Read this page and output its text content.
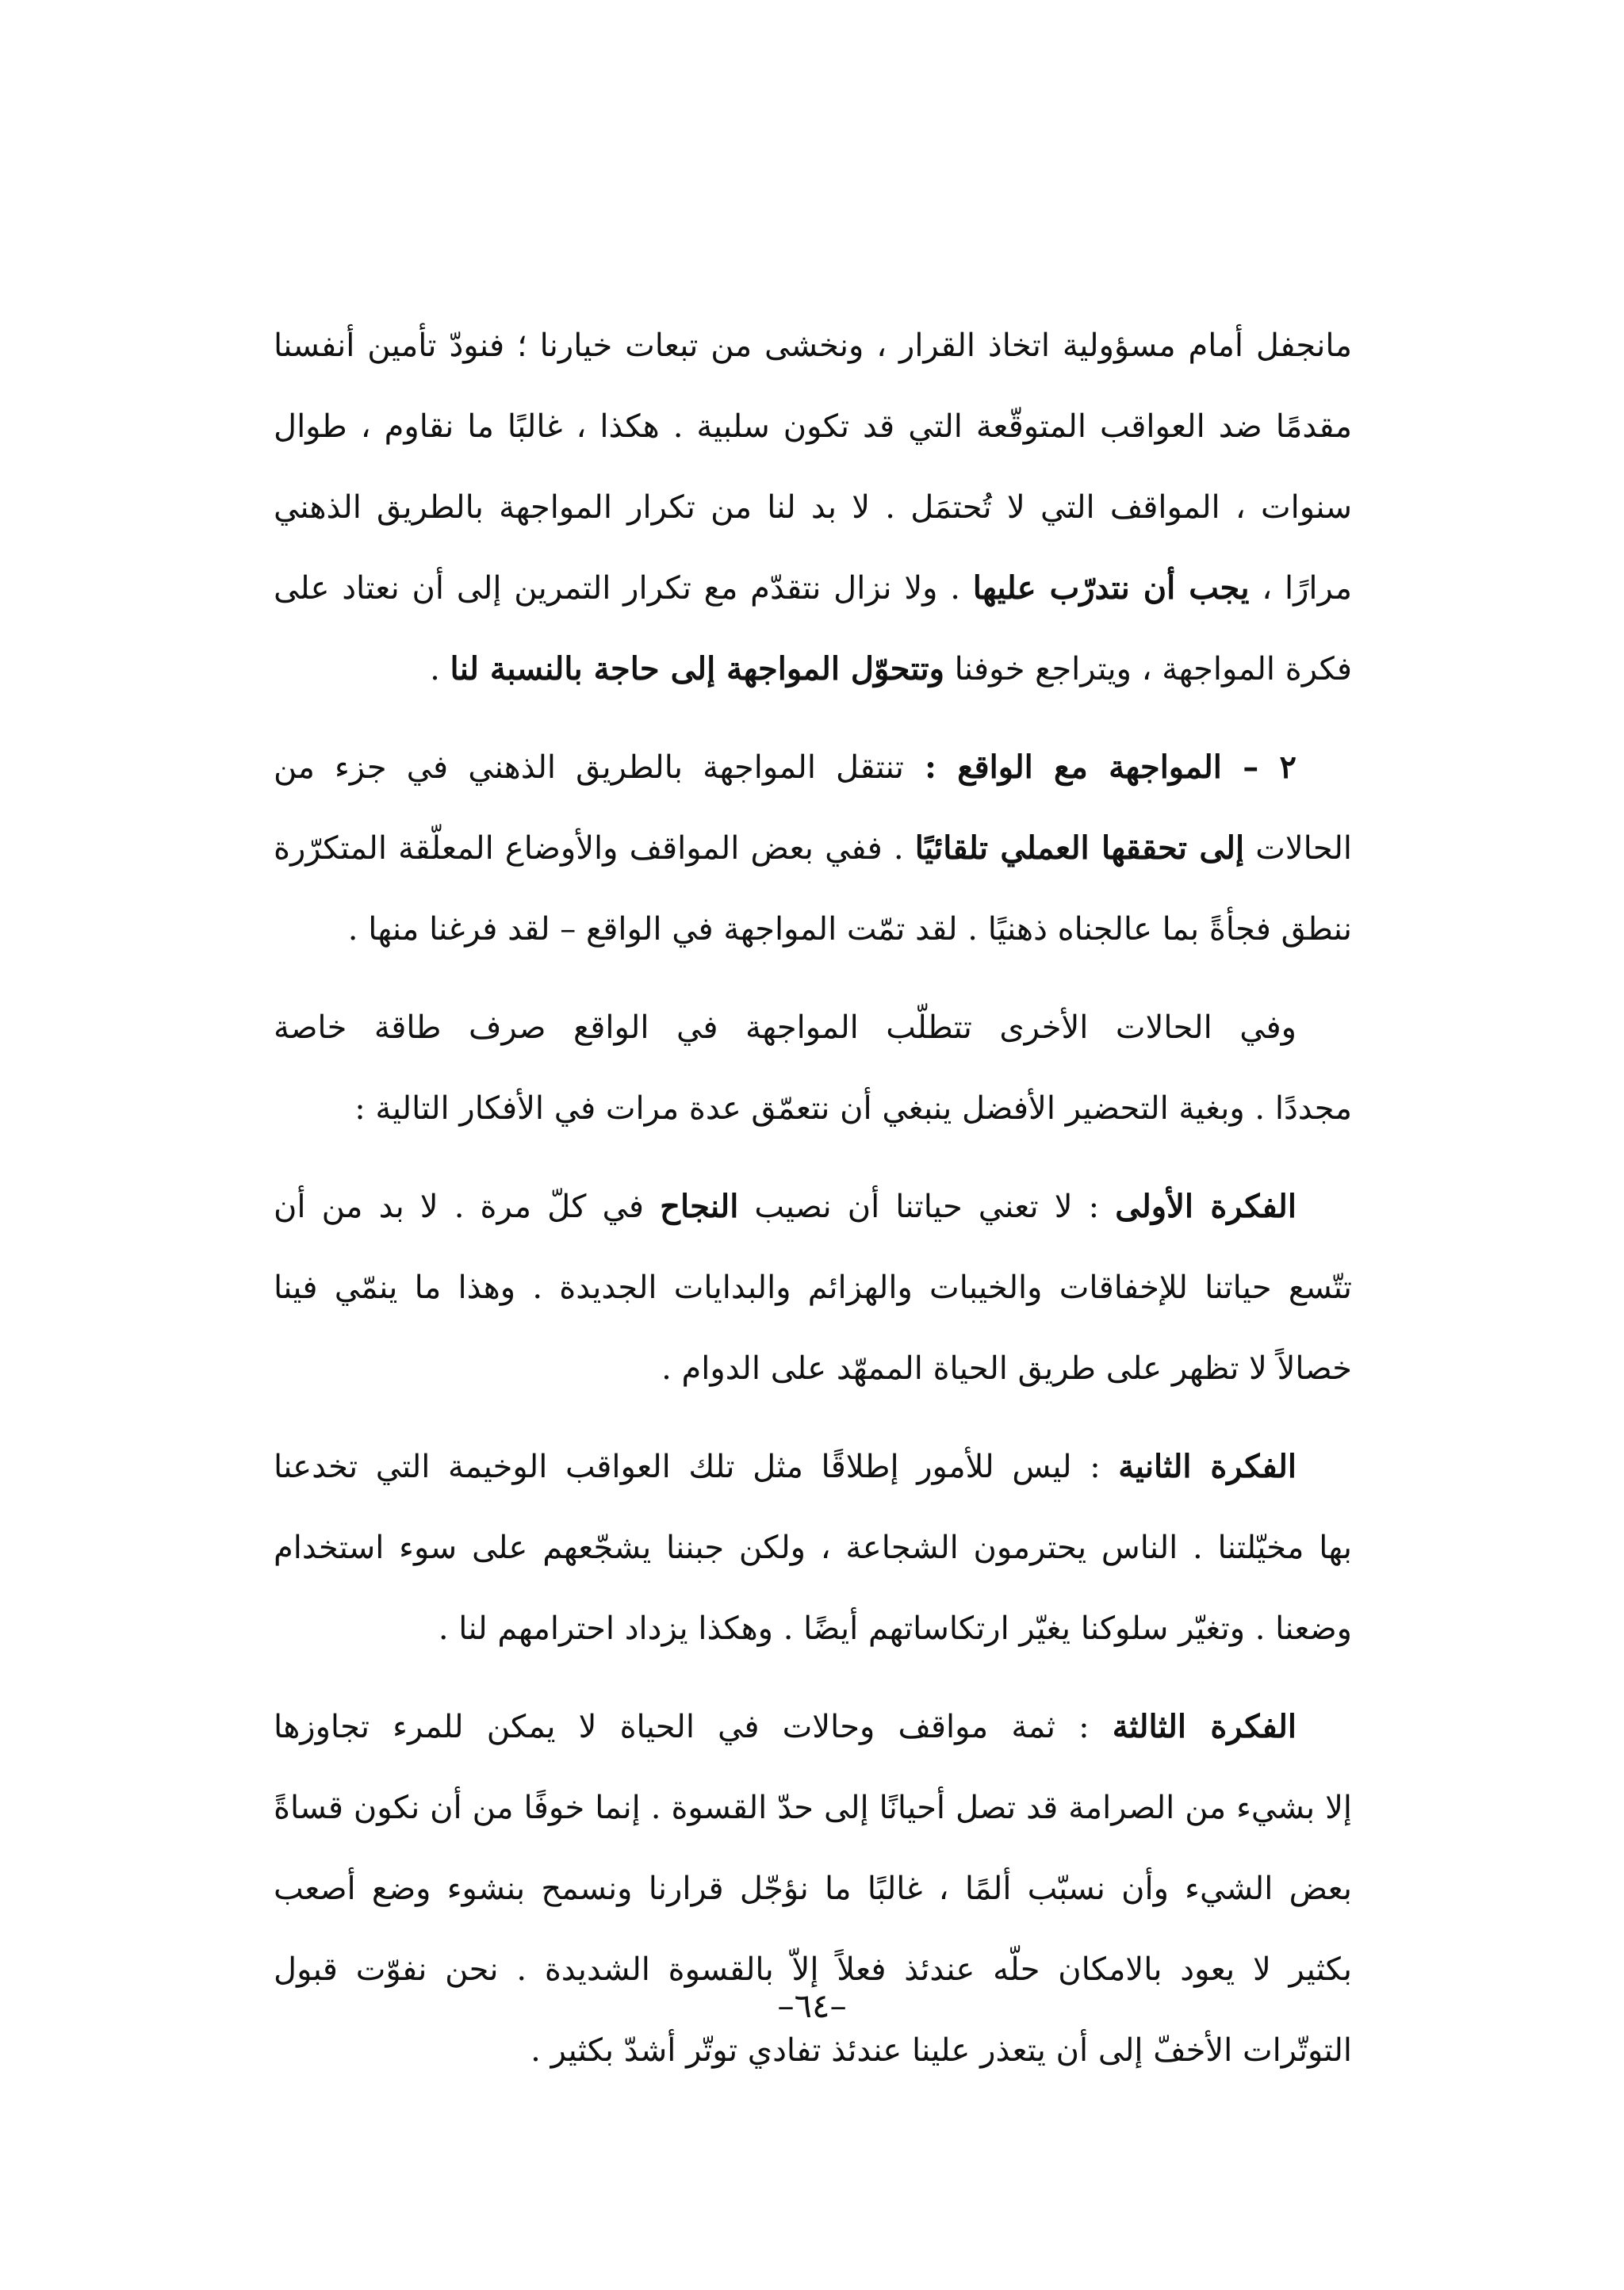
مانجفل أمام مسؤولية اتخاذ القرار ، ونخشى من تبعات خيارنا ؛ فنودّ تأمين أنفسنا
مقدمًا ضد العواقب المتوقّعة التي قد تكون سلبية . هكذا ، غالبًا ما نقاوم ، طوال
سنوات ، المواقف التي لا تُحتمَل . لا بد لنا من تكرار المواجهة بالطريق الذهني
مرارًا ، يجب أن نتدرّب عليها . ولا نزال نتقدّم مع تكرار التمرين إلى أن نعتاد على
فكرة المواجهة ، ويتراجع خوفنا وتتحوّل المواجهة إلى حاجة بالنسبة لنا .
٢ – المواجهة مع الواقع : تنتقل المواجهة بالطريق الذهني في جزء من
الحالات إلى تحققها العملي تلقائيًا . ففي بعض المواقف والأوضاع المعلّقة المتكرّرة
ننطق فجأةً بما عالجناه ذهنيًا . لقد تمّت المواجهة في الواقع – لقد فرغنا منها .
وفي الحالات الأخرى تتطلّب المواجهة في الواقع صرف طاقة خاصة
مجددًا . وبغية التحضير الأفضل ينبغي أن نتعمّق عدة مرات في الأفكار التالية :
الفكرة الأولى : لا تعني حياتنا أن نصيب النجاح في كلّ مرة . لا بد من أن
تتّسع حياتنا للإخفاقات والخيبات والهزائم والبدايات الجديدة . وهذا ما ينمّي فينا
خصالاً لا تظهر على طريق الحياة الممهّد على الدوام .
الفكرة الثانية : ليس للأمور إطلاقًا مثل تلك العواقب الوخيمة التي تخدعنا
بها مخيّلتنا . الناس يحترمون الشجاعة ، ولكن جبننا يشجّعهم على سوء استخدام
وضعنا . وتغيّر سلوكنا يغيّر ارتكاساتهم أيضًا . وهكذا يزداد احترامهم لنا .
الفكرة الثالثة : ثمة مواقف وحالات في الحياة لا يمكن للمرء تجاوزها
إلا بشيء من الصرامة قد تصل أحيانًا إلى حدّ القسوة . إنما خوفًا من أن نكون قساةً
بعض الشيء وأن نسبّب ألمًا ، غالبًا ما نؤجّل قرارنا ونسمح بنشوء وضع أصعب
بكثير لا يعود بالامكان حلّه عندئذ فعلاً إلاّ بالقسوة الشديدة . نحن نفوّت قبول
التوتّرات الأخفّ إلى أن يتعذر علينا عندئذ تفادي توتّر أشدّ بكثير .
–٦٤–
